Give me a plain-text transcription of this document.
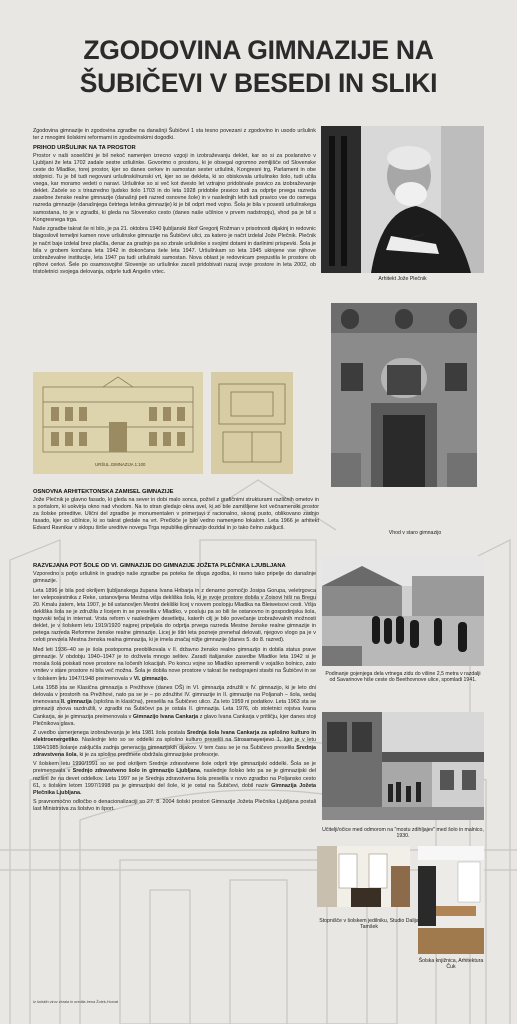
ZGODOVINA GIMNAZIJE NA
ŠUBIČEVI V BESEDI IN SLIKI

Zgodovina gimnazije in zgodovina zgradbe na današnji Šubičevi 1 sta tesno povezani z zgodovino in usodo uršulink ter z mnogimi šolskimi reformami in zgodovinskimi dogodki.

PRIHOD URŠULINK NA TA PROSTOR

Prostor v naši soseščini je bil nekoč namenjen izrecno vzgoji in izobraževanju deklet, kar so si za poslanstvo v Ljubljani že leta 1702 zadale sestre uršulinke. Govorimo o prostoru, ki je obsegal ogromno zemljišče od Slovenske ceste do Mladike, torej prostor, kjer so danes cerkev in samostan sester uršulink, Kongresni trg, Parlament in obe stolpnici. Tu je bil tudi negovani uršulinski/nunski vrt, kjer so se dekleta, ki so obiskovala uršulinsko šolo, tudi učila vsega, kar moramo vedeti o naravi. Uršulinke so si več kot dvesto let vztrajno pridobivale pravico za izobraževanje deklet. Začele so s trirazredno ljudsko šolo 1703 in do leta 1928 pridobile pravico tudi za odprtje prvega razreda zasebne ženske realne gimnazije (današnji peti razred osnovne šole) in v naslednjih letih tudi pravico vse do osmega razreda gimnazije (današnjega četrtega letnika gimnazije) ki je bil odprt med vojno. Šola je bila v posesti uršulinskega samostana, to je v zgradbi, ki gleda na Slovensko cesto (danes naše učilnice v prvem nadstropju), vhod pa je bil s Kongresnega trga.

Naše zgradbe takrat še ni bilo, je pa 21. oktobra 1940 ljubljanski škof Gregorij Rožman v prisotnosti dijakinj in redovnic blagoslovil temeljni kamen nove uršulinske gimnazije na Šubičevi ulici, za katero je načrt izdelal Jože Plečnik. Plečnik je načrt baje izdelal brez plačila, denar za gradnjo pa so zbrale uršulinke s svojimi dotami in darilnimi prispevki. Šola je bila v grobem končana leta 1942 in dokončana šele leta 1947. Uršulinkam so leta 1945 ukinjene vse njihove izobraževalne institucije, leta 1947 pa tudi uršulinski samostan. Nova oblast je redovnicam prepustila le prostore ob njihovi cerkvi. Šele po osamosvojitvi Slovenije so uršulinke zaceli pridobivati nazaj svoje prostore in leta 2002, ob tristoletnici svojega delovanja, odprle tudi Angelin vrtec.

Arhitekt Jože Plečnik
Vhod v staro gimnazijo
URŠUL.GIMNAZIJA 1:100
OSNOVNA ARHITEKTONSKA ZAMISEL GIMNAZIJE

Jože Plečnik je glavno fasado, ki gleda na sever in dobi malo sonca, poživil z grafičnimi strukturami različnih ometov in s portalom, ki uokvirja okno nad vhodom. Na to stran gledajo okna avel, ki so bile zamišljene kot večnamenski prostor za šolske prireditve. Ulični del zgradbe je monumentalen v primerjavi z racionalno, skoraj pusto, oblikovano zadnjo fasado, kjer so učilnice, ki so takrat gledale na vrt. Prečkiče je bilo vedno namenjeno lokalom. Leta 1966 je arhitekt Edvard Ravnikar v sklopu širše ureditve novega Trga republike gimnazijo dozidal in jo tako čelno zakljucil.

RAZVEJANA POT ŠOLE OD VI. GIMNAZIJE DO GIMNAZIJE JOŽETA PLEČNIKA LJUBLJANA

Vzporedno s potjo uršulink in gradnjo naše zgradbe pa poteka še druga zgodba, ki ravno tako pripelje do današnje gimnazije.

Leta 1896 je bila pod okriljem ljubljanskega župana Ivana Hribarja in z denarno pomočjo Josipa Gorupa, veletrgovca ter veleposestnika z Reke, ustanovljena Mestna višja dekliška šola, ki je svoje prostore dobila v Zoisovi hiši na Bregu 20. Kmalu zatem, leta 1907, je bil ustanovljen Mestni dekliški licej v novem poslopju Mladika na Bleiweisovi cesti. Višja dekliška šola se je združila z licejem in se preselila v Mladiko, v posluju pa so bili še ostanovno in gospodinjska šola, trgovski tečaj in internat. Vrsta reform v naslednjem desetletju, katerih cilj je bilo povečanje izobraževalnih možnosti deklet, je v šolskem letu 1919/1920 najprej pripeljala do odprtja prvega razreda Mestne ženske realne gimnazije in petega razreda Reformne ženske realne gimnazije. Licej je štiri leta pozneje prenehal delovati, njegovo vlogo pa je v celoti prevzela Mestna ženska realna gimnazija, ki je imela značaj nižje gimnazije (danes 5. do 8. razred).

Med leti 1936–40 se je šola postopoma preoblikovala v II. državno žensko realno gimnazijo in dobila status prave gimnazije. V obdobju 1940–1947 je to doživela mnogo selitev. Zaradi italijanske zasedbe Mladike leta 1942 si je morala šola poiskati nove prostore na ločenih lokacijah. Po koncu vojne so Mladiko spremenili v vojaško bolnico, zato vrnitev v stare prostore ni bila več možna. Šola je dobila nove prostore v takrat še nedograjeni stavbi na Šubičevi in se v šolskem letu 1947/1948 preimenovala v VI. gimnazijo.

Leta 1958 sta se Klasična gimnazija s Prežihove (danes OŠ) in VI. gimnazija združili v IV. gimnazijo, ki je leto dni delovala v prostorih na Prežihovi, nato pa se je – po združitvi IV. gimnazije in II. gimnazije na Poljanah – šola, sedaj imenovana II. gimnazija (splošna in klasična), preselila na Šubičevo ulico. Za leto 1959 ni podatkov. Leta 1963 sta se gimnaziji znova razdružili, v zgradbi na Šubičevi pa je ostala II. gimnazija. Leta 1976, ob stoletnici rojstva Ivana Cankarja, se je gimnazija preimenovala v Gimnazijo Ivana Cankarja z glavo Ivana Cankarja v pritličju, kjer danes stoji Plečnikova glava.

Z uvedbo usmerjenega izobraževanja je leta 1981 šola postala Srednja šola Ivana Cankarja za splošno kulturo in elektroenergetiko. Naslednje leto so se oddelki za splošno kulturo preselili na Strossmayerjevo 1, kjer je v letu 1984/1985 šolanje zaključila zadnja generacija gimnazijskih dijakov. V tem času se je na Šubičevo preselila Srednja zdravstvena šola, ki je za splošne predmete obdržala gimnazijske profesorje.

V šolskem letu 1990/1991 so se pod okriljem Srednje zdravstvene šole odprli trije gimnazijski oddelki. Šola se je preimenovala v Srednjo zdravstveno šolo in gimnazijo Ljubljana, naslednje šolsko leto pa se je gimnazijski del razširil že na devet oddelkov. Leta 1997 se je Srednja zdravstvena šola preselila v novo zgradbo na Poljansko cesto 61, s šolskim letom 1997/1998 pa je gimnazijski del šole, ki je ostal na Šubičevi, dobil naziv Gimnazija Jožeta Plečnika Ljubljana.

S pravnomočno odločbo o denacionalizaciji so 27. 8. 2004 šolski prostori Gimnazije Jožeta Plečnika Ljubljana postali last Ministrstva za šolstvo in šport.

Podinanje gojenjega dela vrtnega zidu do višine 2,5 metra v razdalji od Savarinove hiše ceste do Beethovnove ulice, spomladi 1941.
Učitelji/očice med odmorom na "mostu zdihljajev" med šolo in malnico, 1930.
Stopnišče v šolskem jedilniku, Studio Dalija Tamšek
Šolska knjižnica, Arhitektura Čuk
Iz šolskih virov zbrala in uredila Irena Žolek-Horvat
